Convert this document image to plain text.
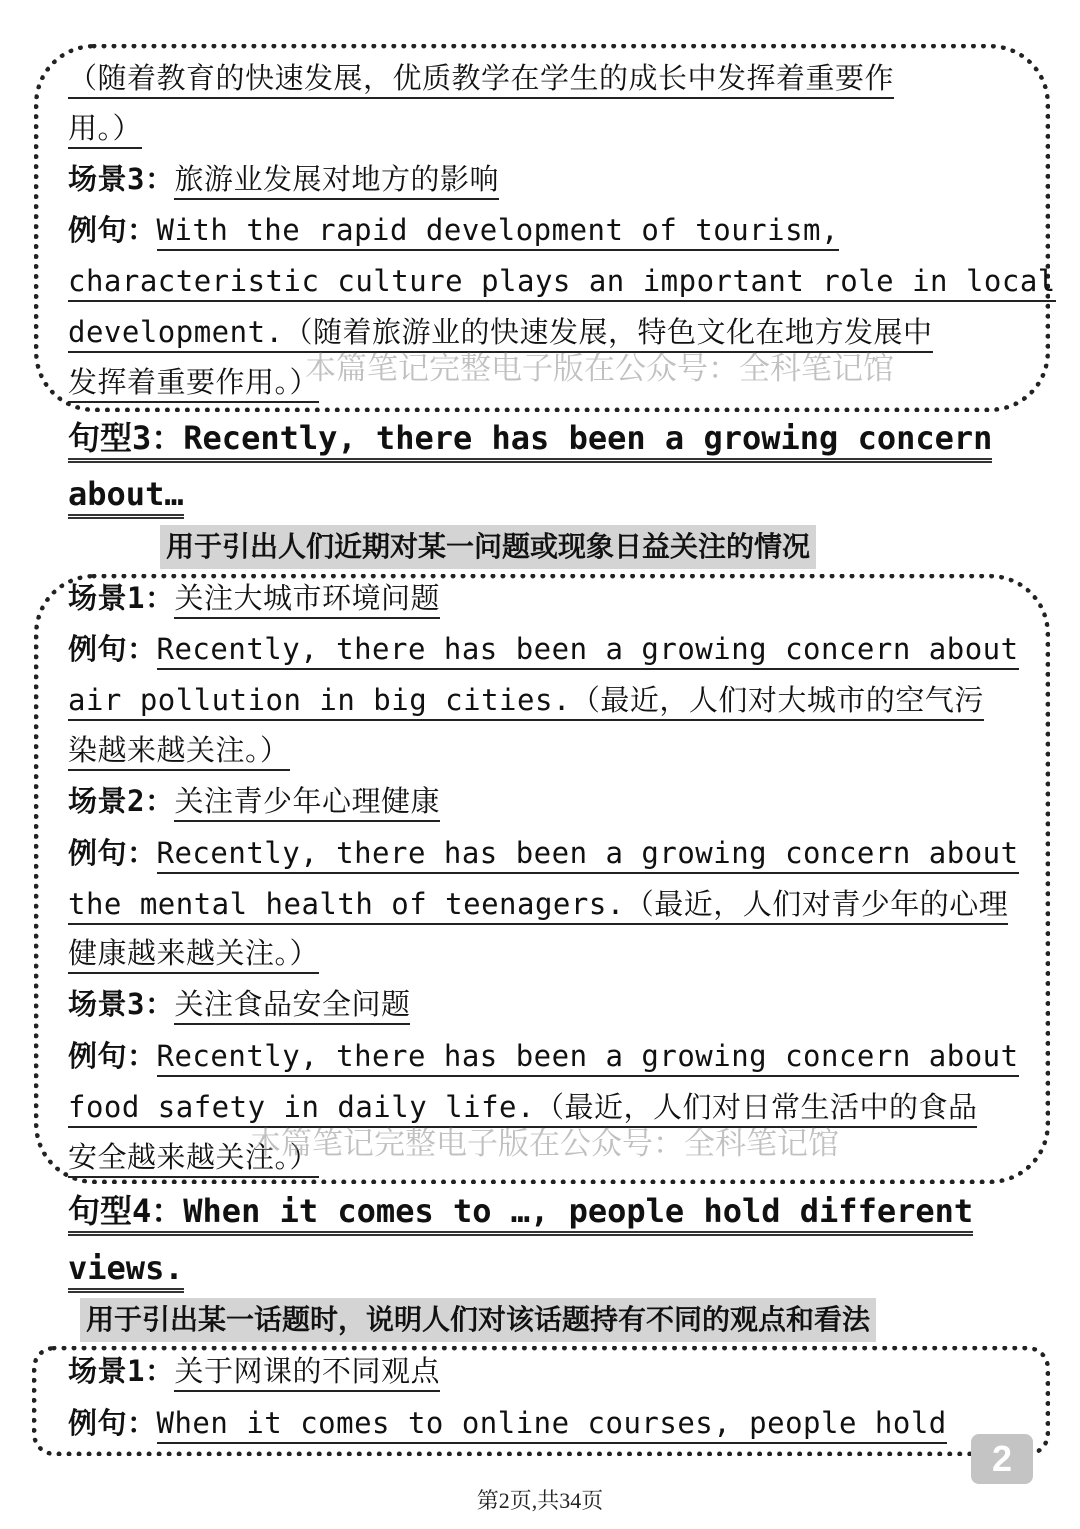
（随着教育的快速发展，优质教学在学生的成长中发挥着重要作
用。）
场景3：旅游业发展对地方的影响
例句：With the rapid development of tourism,
characteristic culture plays an important role in local
development.（随着旅游业的快速发展，特色文化在地方发展中
发挥着重要作用。）
本篇笔记完整电子版在公众号：全科笔记馆
句型3：Recently, there has been a growing concern
about…
用于引出人们近期对某一问题或现象日益关注的情况
场景1：关注大城市环境问题
例句：Recently, there has been a growing concern about
air pollution in big cities.（最近，人们对大城市的空气污
染越来越关注。）
场景2：关注青少年心理健康
例句：Recently, there has been a growing concern about
the mental health of teenagers.（最近，人们对青少年的心理
健康越来越关注。）
场景3：关注食品安全问题
例句：Recently, there has been a growing concern about
food safety in daily life.（最近，人们对日常生活中的食品
安全越来越关注。）
本篇笔记完整电子版在公众号：全科笔记馆
句型4：When it comes to …, people hold different
views.
用于引出某一话题时，说明人们对该话题持有不同的观点和看法
场景1：关于网课的不同观点
例句：When it comes to online courses, people hold
2
第2页,共34页
